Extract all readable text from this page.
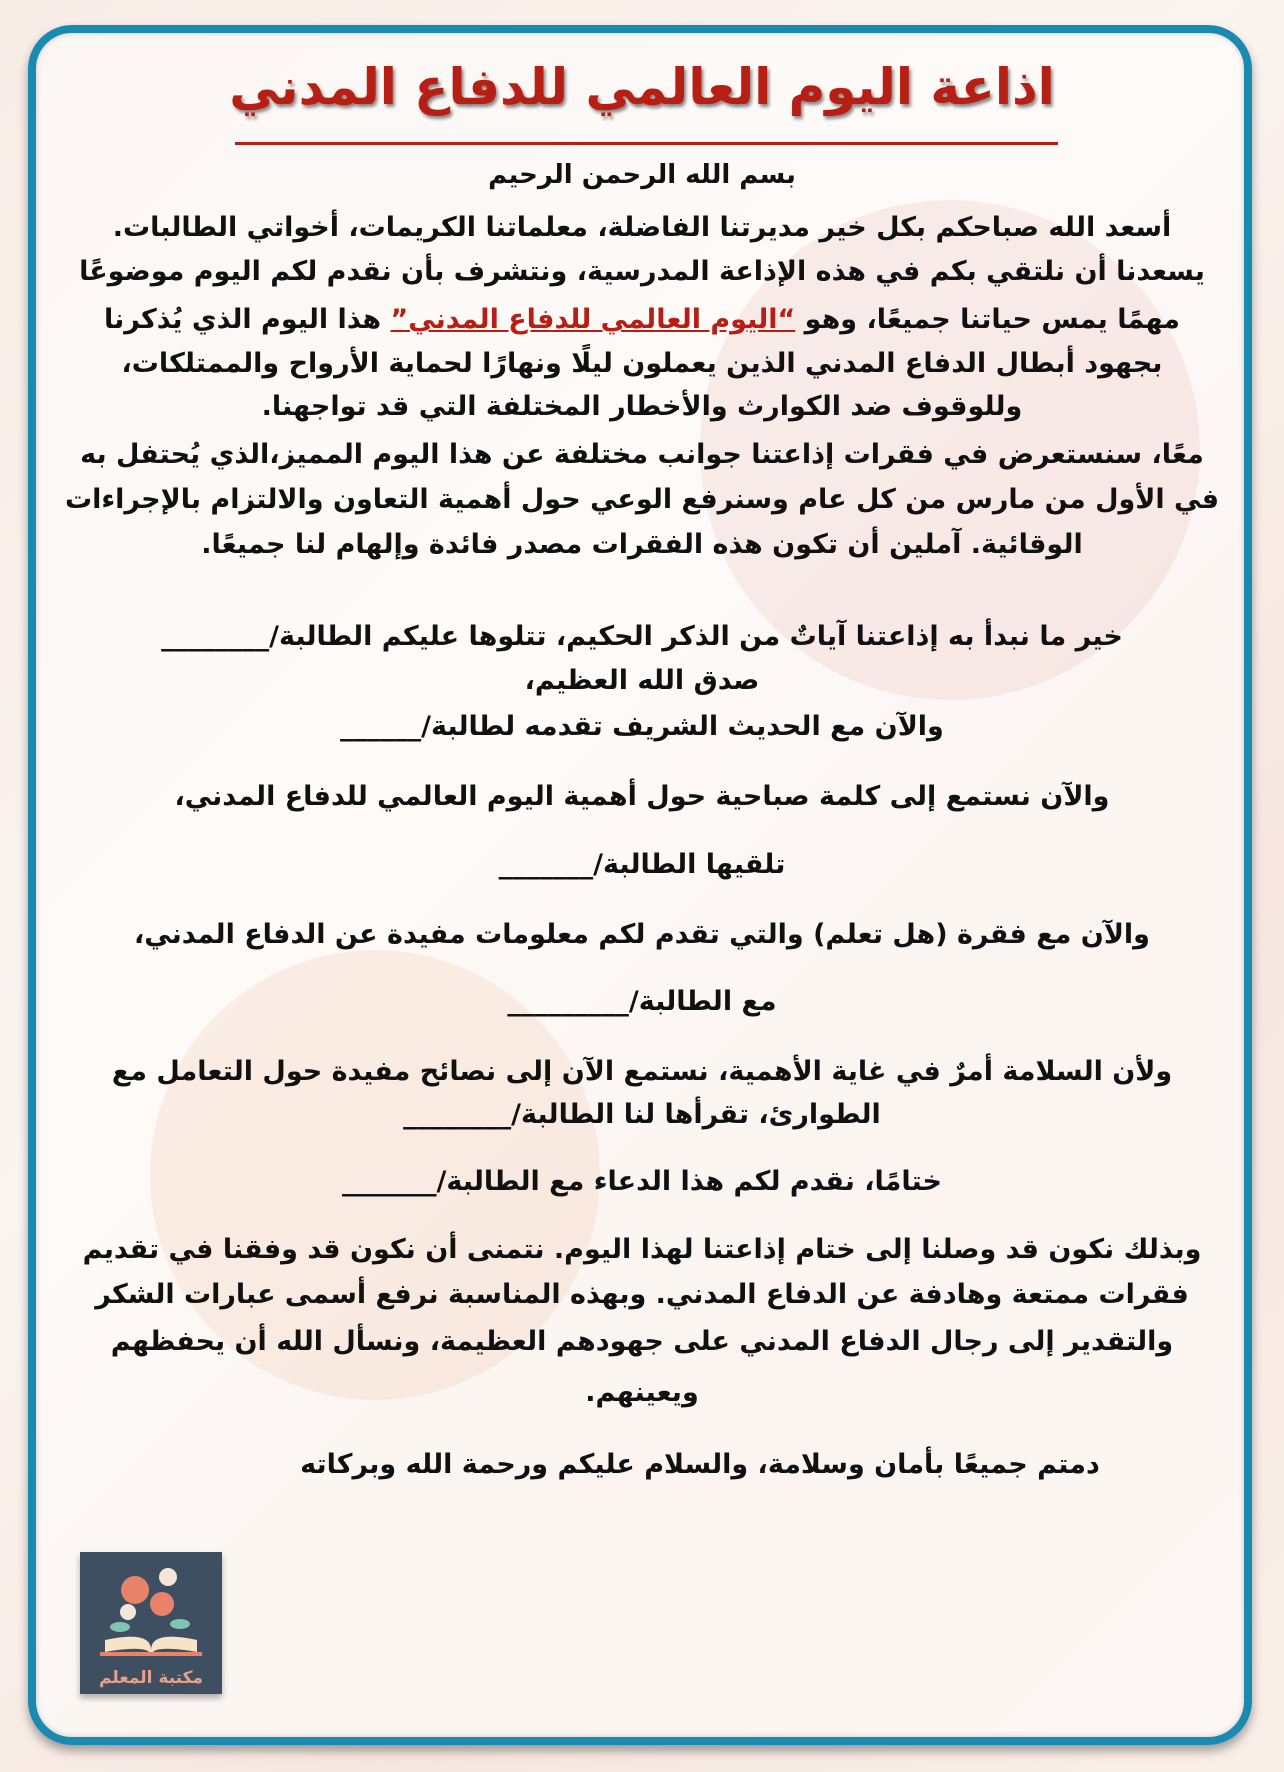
اذاعة اليوم العالمي للدفاع المدني
بسم الله الرحمن الرحيم
أسعد الله صباحكم بكل خير مديرتنا الفاضلة، معلماتنا الكريمات، أخواتي الطالبات.
يسعدنا أن نلتقي بكم في هذه الإذاعة المدرسية، ونتشرف بأن نقدم لكم اليوم موضوعًا
مهمًا يمس حياتنا جميعًا، وهو “اليوم العالمي للدفاع المدني” هذا اليوم الذي يُذكرنا
بجهود أبطال الدفاع المدني الذين يعملون ليلًا ونهارًا لحماية الأرواح والممتلكات،
وللوقوف ضد الكوارث والأخطار المختلفة التي قد تواجهنا.
معًا، سنستعرض في فقرات إذاعتنا جوانب مختلفة عن هذا اليوم المميز،الذي يُحتفل به
في الأول من مارس من كل عام وسنرفع الوعي حول أهمية التعاون والالتزام بالإجراءات
الوقائية. آملين أن تكون هذه الفقرات مصدر فائدة وإلهام لنا جميعًا.
خير ما نبدأ به إذاعتنا آياتٌ من الذكر الحكيم، تتلوها عليكم الطالبة/________
صدق الله العظيم،
والآن مع الحديث الشريف تقدمه لطالبة/______
والآن نستمع إلى كلمة صباحية حول أهمية اليوم العالمي للدفاع المدني،
تلقيها الطالبة/_______
والآن مع فقرة (هل تعلم) والتي تقدم لكم معلومات مفيدة عن الدفاع المدني،
مع الطالبة/_________
ولأن السلامة أمرٌ في غاية الأهمية، نستمع الآن إلى نصائح مفيدة حول التعامل مع
الطوارئ، تقرأها لنا الطالبة/________
ختامًا، نقدم لكم هذا الدعاء مع الطالبة/_______
وبذلك نكون قد وصلنا إلى ختام إذاعتنا لهذا اليوم. نتمنى أن نكون قد وفقنا في تقديم
فقرات ممتعة وهادفة عن الدفاع المدني. وبهذه المناسبة نرفع أسمى عبارات الشكر
والتقدير إلى رجال الدفاع المدني على جهودهم العظيمة، ونسأل الله أن يحفظهم
ويعينهم.
دمتم جميعًا بأمان وسلامة، والسلام عليكم ورحمة الله وبركاته
مكتبة المعلم
